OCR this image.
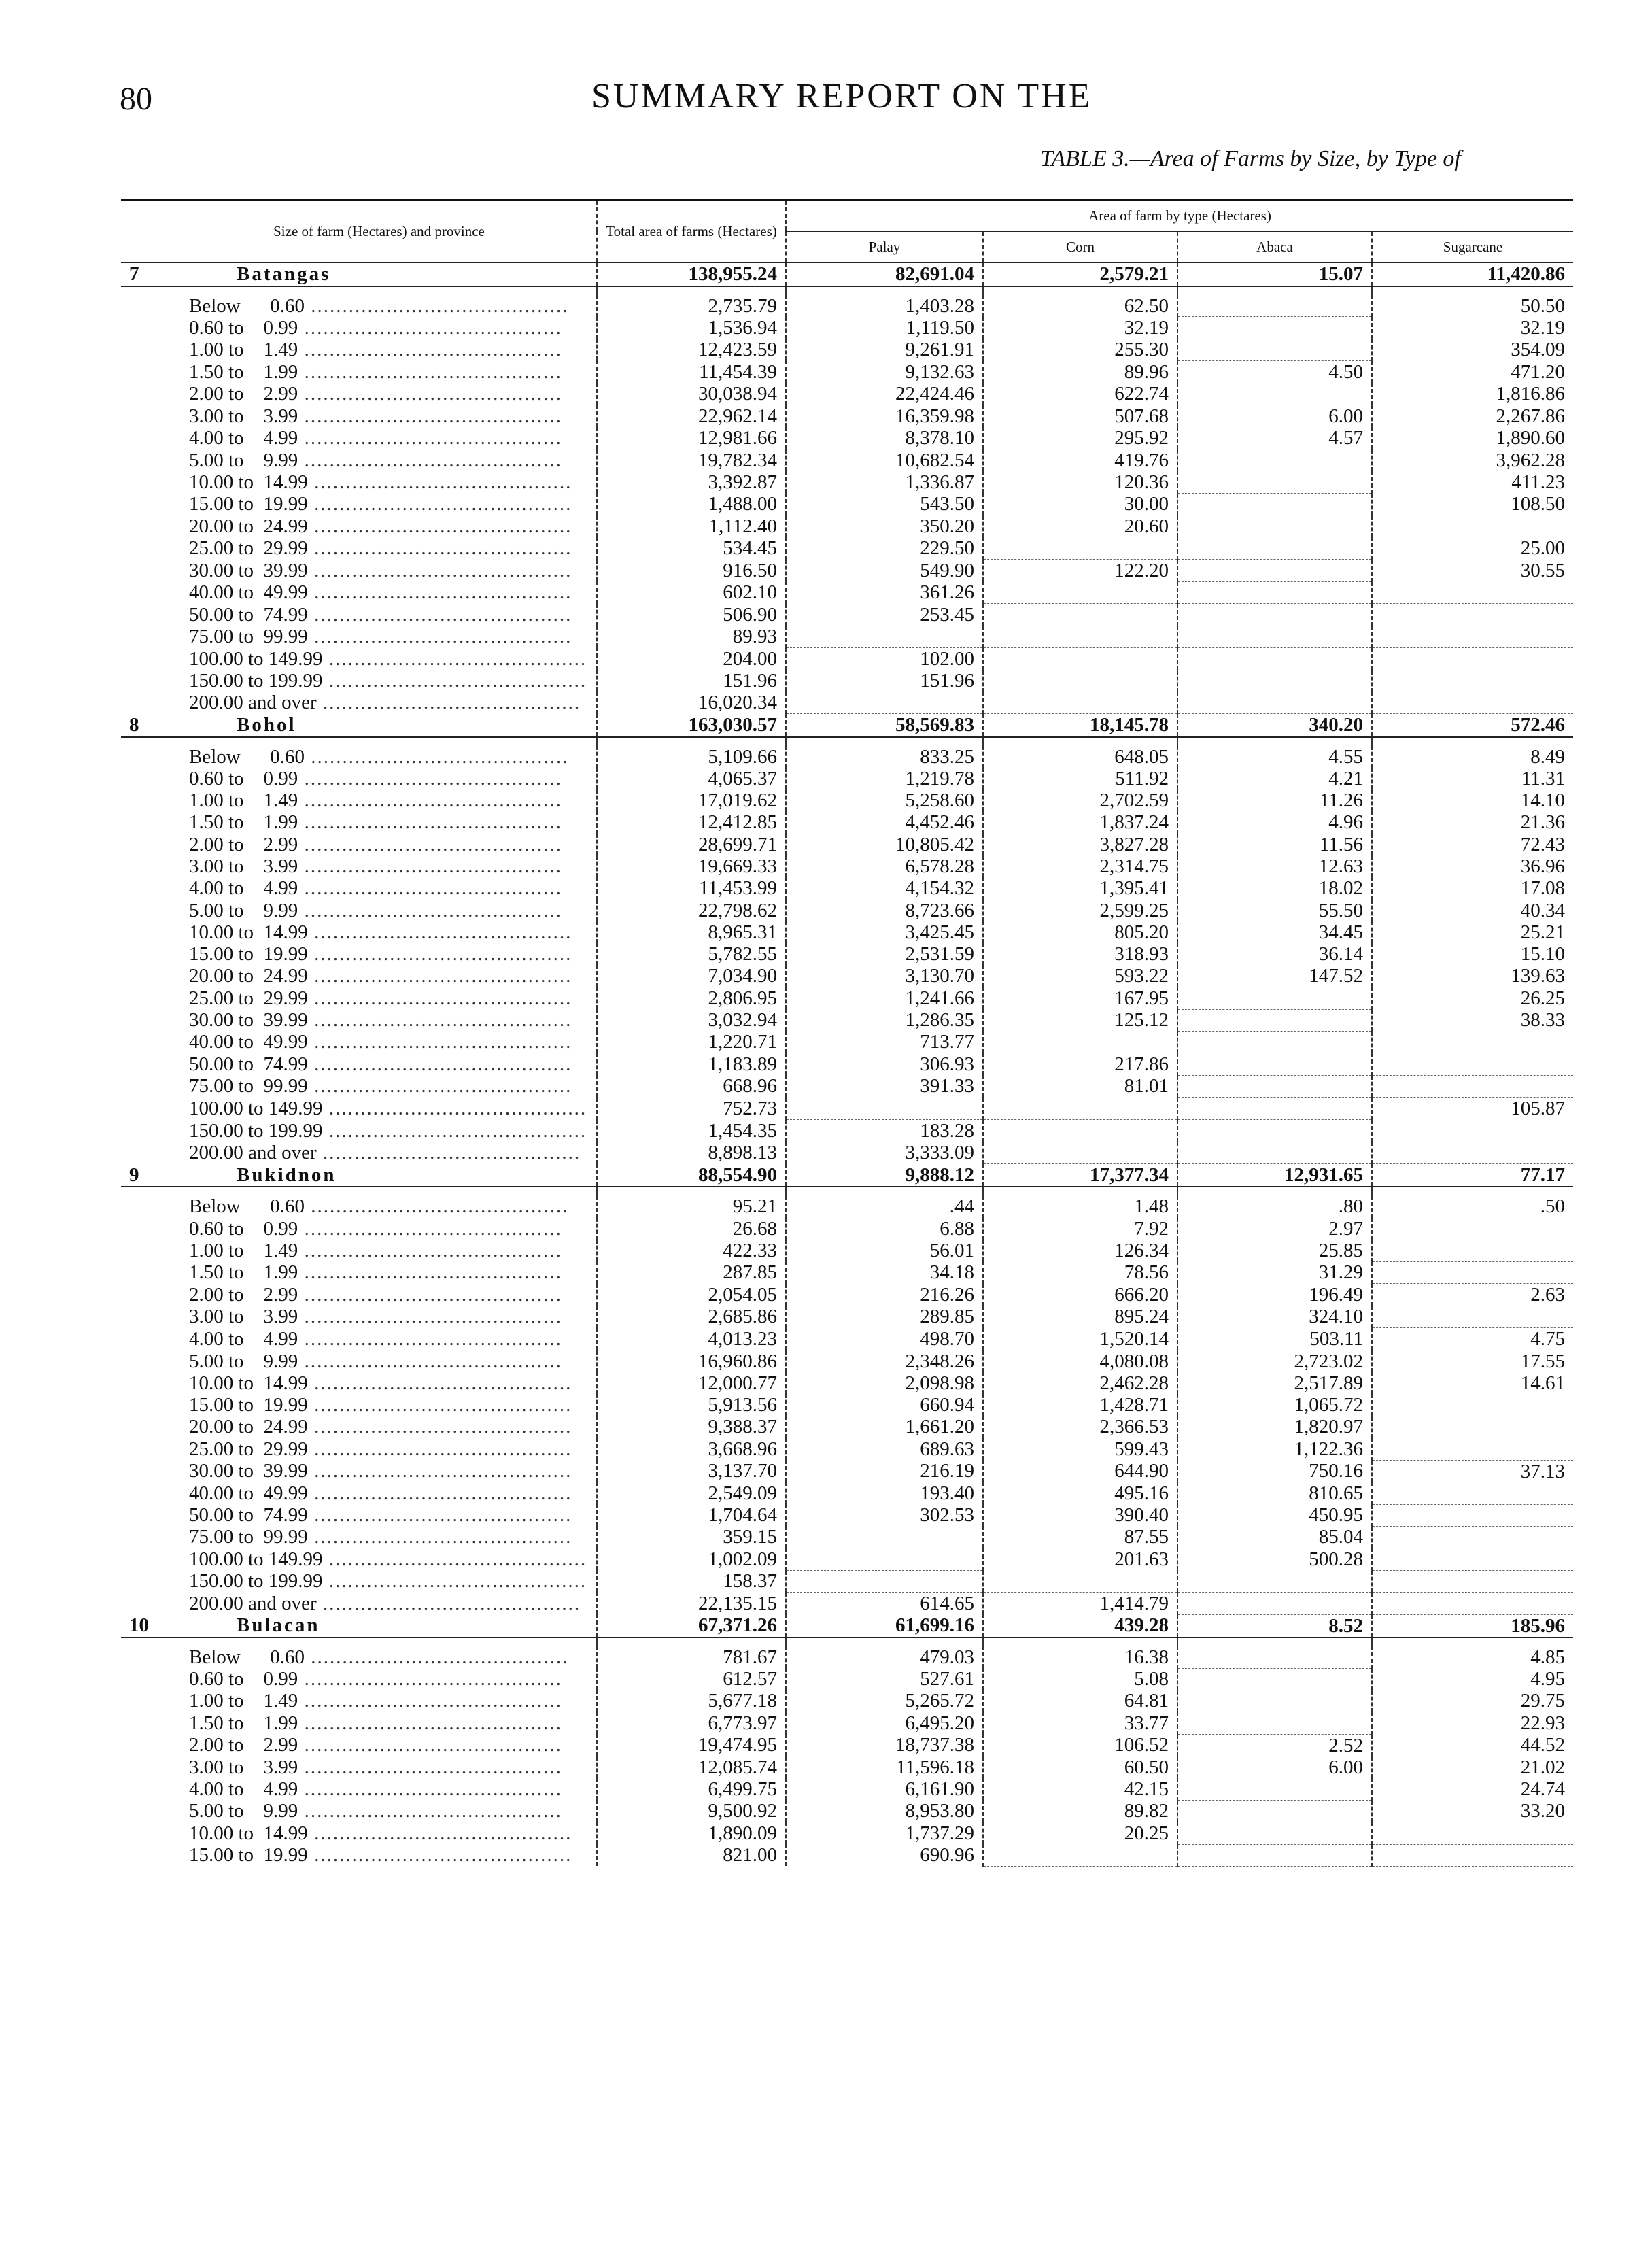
80	SUMMARY REPORT ON THE
TABLE 3.—Area of Farms by Size, by Type of
	Size of farm (Hectares) and province	Total area of farms (Hectares)	Area of farm by type (Hectares)			
			Palay	Corn	Abaca	Sugarcane
7	Batangas	138,955.24	82,691.04	2,579.21	15.07	11,420.86

	Below      0.60 .....	2,735.79	1,403.28	62.50		50.50
	0.60 to    0.99 .....	1,536.94	1,119.50	32.19		32.19
	1.00 to    1.49 .....	12,423.59	9,261.91	255.30		354.09
	1.50 to    1.99 .....	11,454.39	9,132.63	89.96	4.50	471.20
	2.00 to    2.99 .....	30,038.94	22,424.46	622.74		1,816.86
	3.00 to    3.99 .....	22,962.14	16,359.98	507.68	6.00	2,267.86
	4.00 to    4.99 .....	12,981.66	8,378.10	295.92	4.57	1,890.60
	5.00 to    9.99 .....	19,782.34	10,682.54	419.76		3,962.28
	10.00 to  14.99 .....	3,392.87	1,336.87	120.36		411.23
	15.00 to  19.99 .....	1,488.00	543.50	30.00		108.50
	20.00 to  24.99 .....	1,112.40	350.20	20.60		
	25.00 to  29.99 .....	534.45	229.50			25.00
	30.00 to  39.99 .....	916.50	549.90	122.20		30.55
	40.00 to  49.99 .....	602.10	361.26			
	50.00 to  74.99 .....	506.90	253.45			
	75.00 to  99.99 .....	89.93				
	100.00 to 149.99 .....	204.00	102.00			
	150.00 to 199.99 .....	151.96	151.96			
	200.00 and over .....	16,020.34				
8	Bohol	163,030.57	58,569.83	18,145.78	340.20	572.46

	Below      0.60 .....	5,109.66	833.25	648.05	4.55	8.49
	0.60 to    0.99 .....	4,065.37	1,219.78	511.92	4.21	11.31
	1.00 to    1.49 .....	17,019.62	5,258.60	2,702.59	11.26	14.10
	1.50 to    1.99 .....	12,412.85	4,452.46	1,837.24	4.96	21.36
	2.00 to    2.99 .....	28,699.71	10,805.42	3,827.28	11.56	72.43
	3.00 to    3.99 .....	19,669.33	6,578.28	2,314.75	12.63	36.96
	4.00 to    4.99 .....	11,453.99	4,154.32	1,395.41	18.02	17.08
	5.00 to    9.99 .....	22,798.62	8,723.66	2,599.25	55.50	40.34
	10.00 to  14.99 .....	8,965.31	3,425.45	805.20	34.45	25.21
	15.00 to  19.99 .....	5,782.55	2,531.59	318.93	36.14	15.10
	20.00 to  24.99 .....	7,034.90	3,130.70	593.22	147.52	139.63
	25.00 to  29.99 .....	2,806.95	1,241.66	167.95		26.25
	30.00 to  39.99 .....	3,032.94	1,286.35	125.12		38.33
	40.00 to  49.99 .....	1,220.71	713.77			
	50.00 to  74.99 .....	1,183.89	306.93	217.86		
	75.00 to  99.99 .....	668.96	391.33	81.01		
	100.00 to 149.99 .....	752.73				105.87
	150.00 to 199.99 .....	1,454.35	183.28			
	200.00 and over .....	8,898.13	3,333.09			
9	Bukidnon	88,554.90	9,888.12	17,377.34	12,931.65	77.17

	Below      0.60 .....	95.21	.44	1.48	.80	.50
	0.60 to    0.99 .....	26.68	6.88	7.92	2.97	
	1.00 to    1.49 .....	422.33	56.01	126.34	25.85	
	1.50 to    1.99 .....	287.85	34.18	78.56	31.29	
	2.00 to    2.99 .....	2,054.05	216.26	666.20	196.49	2.63
	3.00 to    3.99 .....	2,685.86	289.85	895.24	324.10	
	4.00 to    4.99 .....	4,013.23	498.70	1,520.14	503.11	4.75
	5.00 to    9.99 .....	16,960.86	2,348.26	4,080.08	2,723.02	17.55
	10.00 to  14.99 .....	12,000.77	2,098.98	2,462.28	2,517.89	14.61
	15.00 to  19.99 .....	5,913.56	660.94	1,428.71	1,065.72	
	20.00 to  24.99 .....	9,388.37	1,661.20	2,366.53	1,820.97	
	25.00 to  29.99 .....	3,668.96	689.63	599.43	1,122.36	
	30.00 to  39.99 .....	3,137.70	216.19	644.90	750.16	37.13
	40.00 to  49.99 .....	2,549.09	193.40	495.16	810.65	
	50.00 to  74.99 .....	1,704.64	302.53	390.40	450.95	
	75.00 to  99.99 .....	359.15		87.55	85.04	
	100.00 to 149.99 .....	1,002.09		201.63	500.28	
	150.00 to 199.99 .....	158.37				
	200.00 and over .....	22,135.15	614.65	1,414.79		
10	Bulacan	67,371.26	61,699.16	439.28	8.52	185.96

	Below      0.60 .....	781.67	479.03	16.38		4.85
	0.60 to    0.99 .....	612.57	527.61	5.08		4.95
	1.00 to    1.49 .....	5,677.18	5,265.72	64.81		29.75
	1.50 to    1.99 .....	6,773.97	6,495.20	33.77		22.93
	2.00 to    2.99 .....	19,474.95	18,737.38	106.52	2.52	44.52
	3.00 to    3.99 .....	12,085.74	11,596.18	60.50	6.00	21.02
	4.00 to    4.99 .....	6,499.75	6,161.90	42.15		24.74
	5.00 to    9.99 .....	9,500.92	8,953.80	89.82		33.20
	10.00 to  14.99 .....	1,890.09	1,737.29	20.25		
	15.00 to  19.99 .....	821.00	690.96			
